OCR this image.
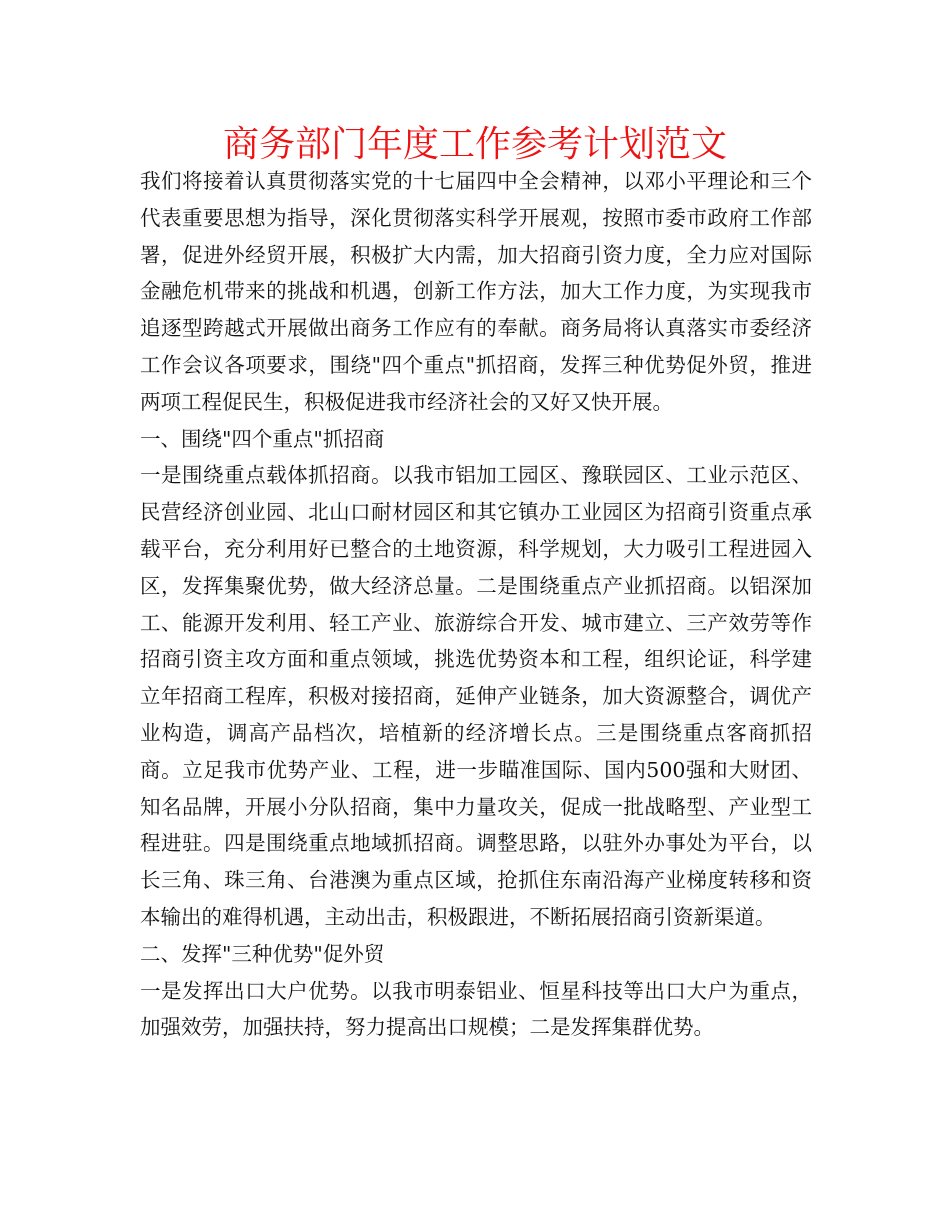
商务部门年度工作参考计划范文

我们将接着认真贯彻落实党的十七届四中全会精神，以邓小平理论和三个代表重要思想为指导，深化贯彻落实科学开展观，按照市委市政府工作部署，促进外经贸开展，积极扩大内需，加大招商引资力度，全力应对国际金融危机带来的挑战和机遇，创新工作方法，加大工作力度，为实现我市追逐型跨越式开展做出商务工作应有的奉献。商务局将认真落实市委经济工作会议各项要求，围绕"四个重点"抓招商，发挥三种优势促外贸，推进两项工程促民生，积极促进我市经济社会的又好又快开展。

一、围绕"四个重点"抓招商

一是围绕重点载体抓招商。以我市铝加工园区、豫联园区、工业示范区、民营经济创业园、北山口耐材园区和其它镇办工业园区为招商引资重点承载平台，充分利用好已整合的土地资源，科学规划，大力吸引工程进园入区，发挥集聚优势，做大经济总量。二是围绕重点产业抓招商。以铝深加工、能源开发利用、轻工产业、旅游综合开发、城市建立、三产效劳等作招商引资主攻方面和重点领域，挑选优势资本和工程，组织论证，科学建立年招商工程库，积极对接招商，延伸产业链条，加大资源整合，调优产业构造，调高产品档次，培植新的经济增长点。三是围绕重点客商抓招商。立足我市优势产业、工程，进一步瞄准国际、国内500强和大财团、知名品牌，开展小分队招商，集中力量攻关，促成一批战略型、产业型工程进驻。四是围绕重点地域抓招商。调整思路，以驻外办事处为平台，以长三角、珠三角、台港澳为重点区域，抢抓住东南沿海产业梯度转移和资本输出的难得机遇，主动出击，积极跟进，不断拓展招商引资新渠道。

二、发挥"三种优势"促外贸

一是发挥出口大户优势。以我市明泰铝业、恒星科技等出口大户为重点，加强效劳，加强扶持，努力提高出口规模；二是发挥集群优势。
